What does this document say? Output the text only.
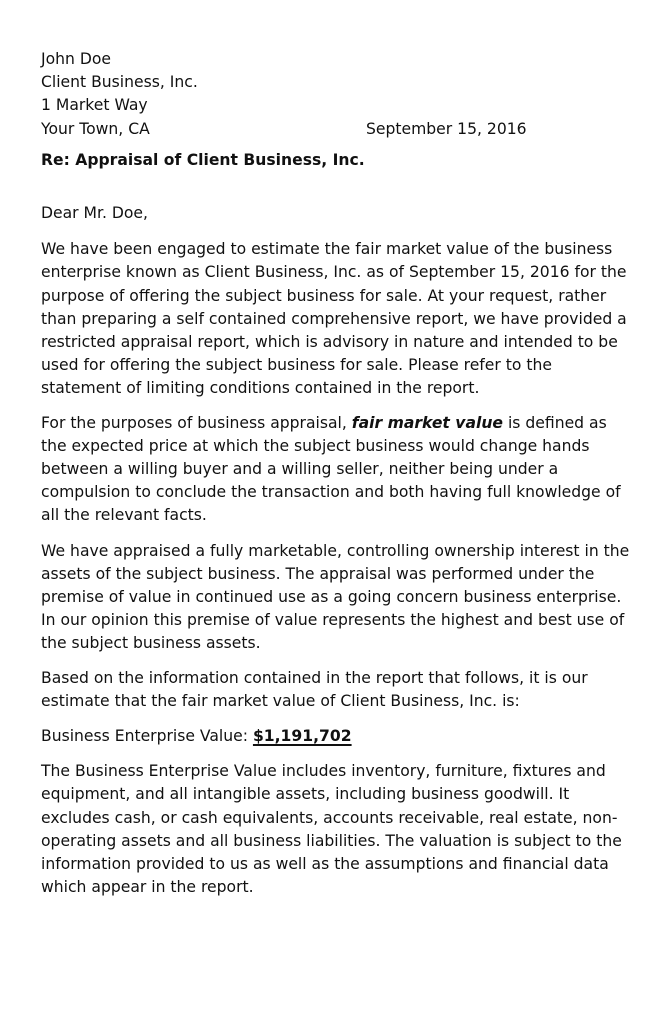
John Doe
Client Business, Inc.
1 Market Way
Your Town, CA	September 15, 2016
Re: Appraisal of Client Business, Inc.
Dear Mr. Doe,
We have been engaged to estimate the fair market value of the business enterprise known as Client Business, Inc. as of September 15, 2016 for the purpose of offering the subject business for sale. At your request, rather than preparing a self contained comprehensive report, we have provided a restricted appraisal report, which is advisory in nature and intended to be used for offering the subject business for sale. Please refer to the statement of limiting conditions contained in the report.
For the purposes of business appraisal, fair market value is defined as the expected price at which the subject business would change hands between a willing buyer and a willing seller, neither being under a compulsion to conclude the transaction and both having full knowledge of all the relevant facts.
We have appraised a fully marketable, controlling ownership interest in the assets of the subject business. The appraisal was performed under the premise of value in continued use as a going concern business enterprise. In our opinion this premise of value represents the highest and best use of the subject business assets.
Based on the information contained in the report that follows, it is our estimate that the fair market value of Client Business, Inc. is:
Business Enterprise Value: $1,191,702
The Business Enterprise Value includes inventory, furniture, fixtures and equipment, and all intangible assets, including business goodwill. It excludes cash, or cash equivalents, accounts receivable, real estate, non-operating assets and all business liabilities. The valuation is subject to the information provided to us as well as the assumptions and financial data which appear in the report.
